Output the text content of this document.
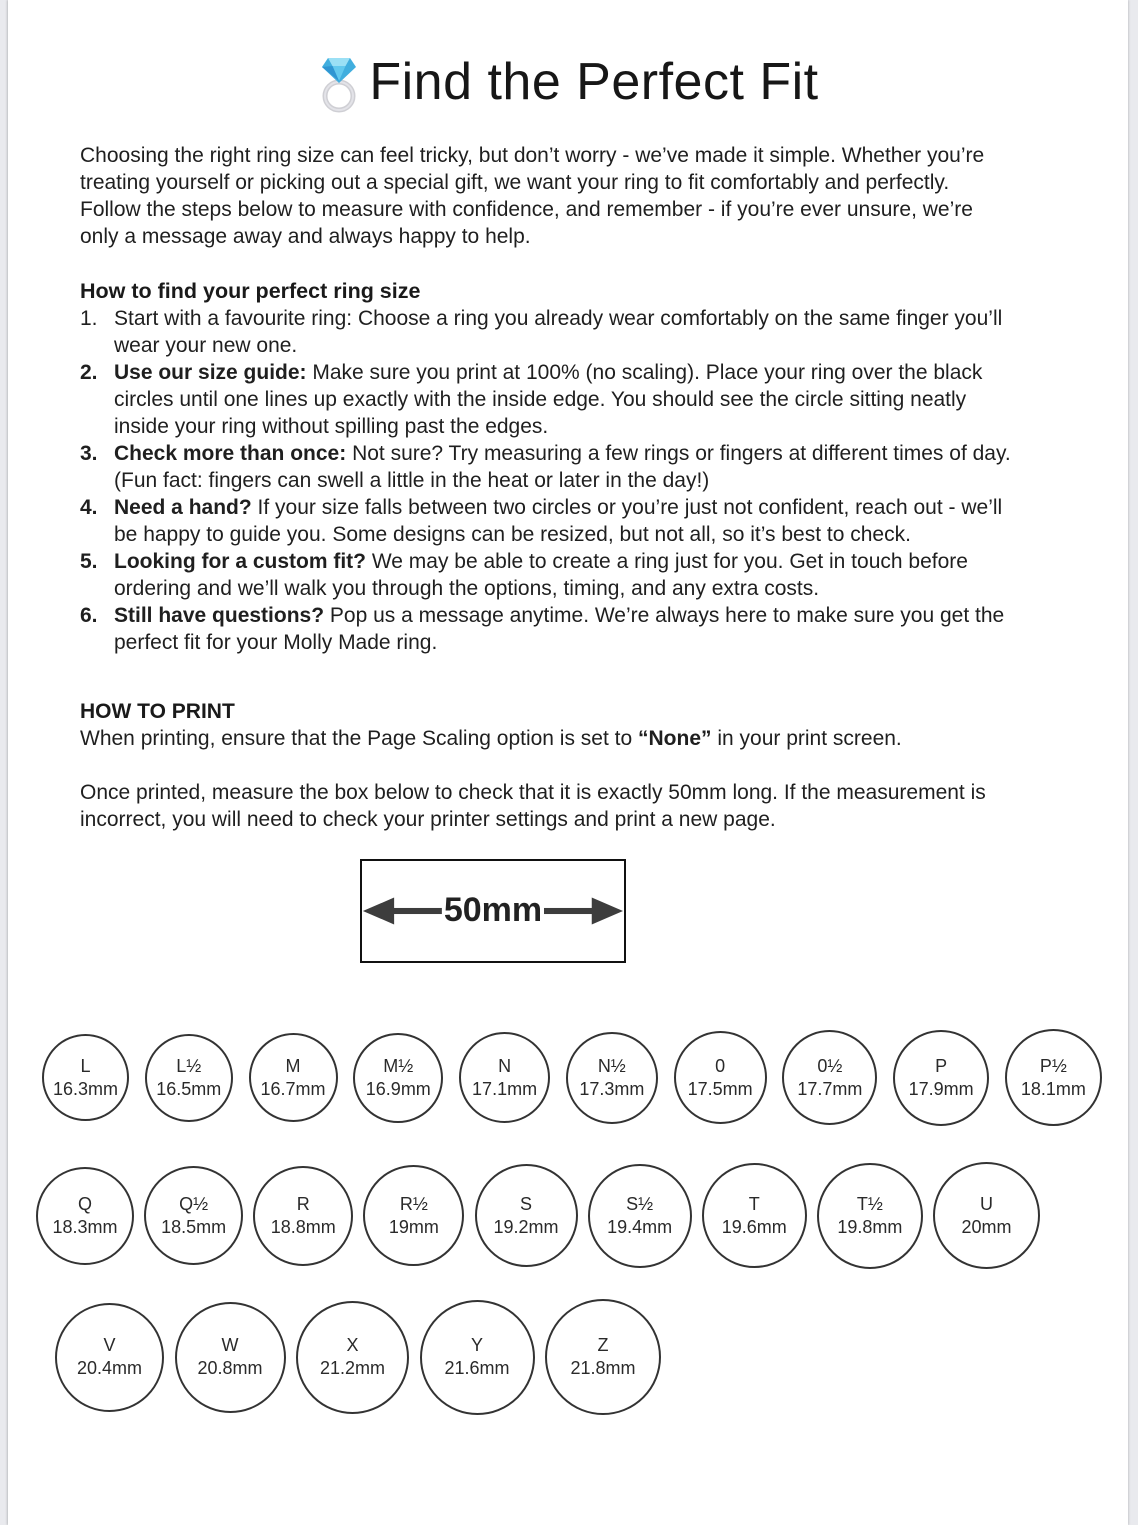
Find the Perfect Fit

Choosing the right ring size can feel tricky, but don’t worry - we’ve made it simple. Whether you’re treating yourself or picking out a special gift, we want your ring to fit comfortably and perfectly. Follow the steps below to measure with confidence, and remember - if you’re ever unsure, we’re only a message away and always happy to help.

How to find your perfect ring size
1. Start with a favourite ring: Choose a ring you already wear comfortably on the same finger you’ll wear your new one.
2. Use our size guide: Make sure you print at 100% (no scaling). Place your ring over the black circles until one lines up exactly with the inside edge. You should see the circle sitting neatly inside your ring without spilling past the edges.
3. Check more than once: Not sure? Try measuring a few rings or fingers at different times of day. (Fun fact: fingers can swell a little in the heat or later in the day!)
4. Need a hand? If your size falls between two circles or you’re just not confident, reach out - we’ll be happy to guide you. Some designs can be resized, but not all, so it’s best to check.
5. Looking for a custom fit? We may be able to create a ring just for you. Get in touch before ordering and we’ll walk you through the options, timing, and any extra costs.
6. Still have questions? Pop us a message anytime. We’re always here to make sure you get the perfect fit for your Molly Made ring.
HOW TO PRINT

When printing, ensure that the Page Scaling option is set to “None” in your print screen.

Once printed, measure the box below to check that it is exactly 50mm long. If the measurement is incorrect, you will need to check your printer settings and print a new page.

50mm
L
16.3mm
L½
16.5mm
M
16.7mm
M½
16.9mm
N
17.1mm
N½
17.3mm
0
17.5mm
0½
17.7mm
P
17.9mm
P½
18.1mm
Q
18.3mm
Q½
18.5mm
R
18.8mm
R½
19mm
S
19.2mm
S½
19.4mm
T
19.6mm
T½
19.8mm
U
20mm
V
20.4mm
W
20.8mm
X
21.2mm
Y
21.6mm
Z
21.8mm
